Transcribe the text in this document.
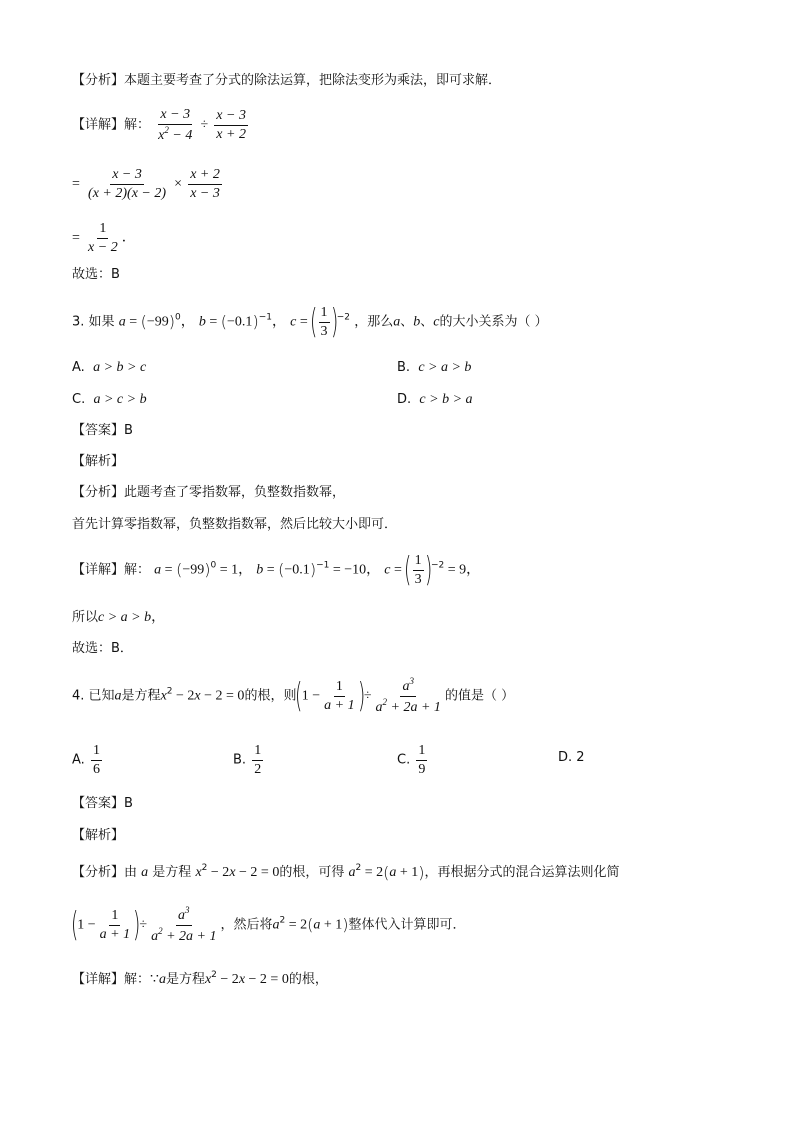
【分析】本题主要考查了分式的除法运算，把除法变形为乘法，即可求解．
【详解】解： $\frac{x - 3}{x^2 - 4} \div \frac{x - 3}{x + 2}$
= $\frac{x - 3}{(x + 2)(x - 2)} \times \frac{x + 2}{x - 3}$
= $\frac{1}{x - 2}$ ．
故选：B
3. 如果 $a = (-99)^0$， $b = (-0.1)^{-1}$， c = ( $\frac{1}{3} )^{-2}$ ，那么a、b、c的大小关系为（ ）
A. a > b > c	B. c > a > b
C. a > c > b	D. c > b > a
【答案】B
【解析】
【分析】此题考查了零指数幂，负整数指数幂，
首先计算零指数幂，负整数指数幂，然后比较大小即可．
【详解】解： $a = (-99)^0 = 1$， $b = (-0.1)^{-1} = -10$， c = ( $\frac{1}{3} )^{-2} = 9$，
所以c > a > b，
故选：B．
4. 已知a是方程$x^2 - 2x - 2 = 0$的根，则($1 - \frac{1}{a + 1}$ )÷ $\frac{a^3}{a^2 + 2a + 1}$ 的值是（ ）
A. $\frac{1}{6}$	B. $\frac{1}{2}$	C. $\frac{1}{9}$	D. 2
【答案】B
【解析】
【分析】由 a 是方程 $x^2 - 2x - 2 = 0$的根，可得 $a^2 = 2(a + 1)$，再根据分式的混合运算法则化简
($1 - \frac{1}{a + 1}$ )÷ $\frac{a^3}{a^2 + 2a + 1}$ ，然后将$a^2 = 2(a + 1)$整体代入计算即可．
【详解】解：∵a是方程$x^2 - 2x - 2 = 0$的根，
